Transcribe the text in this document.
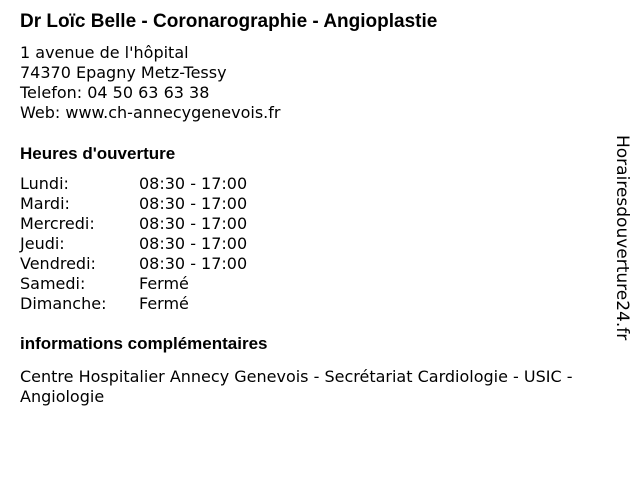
Dr Loïc Belle - Coronarographie - Angioplastie
1 avenue de l'hôpital
74370 Epagny Metz-Tessy
Telefon: 04 50 63 63 38
Web: www.ch-annecygenevois.fr
Heures d'ouverture
Lundi:	08:30 - 17:00
Mardi:	08:30 - 17:00
Mercredi:	08:30 - 17:00
Jeudi:	08:30 - 17:00
Vendredi:	08:30 - 17:00
Samedi:	Fermé
Dimanche:	Fermé
informations complémentaires
Centre Hospitalier Annecy Genevois - Secrétariat Cardiologie - USIC - Angiologie
Horairesdouverture24.fr
